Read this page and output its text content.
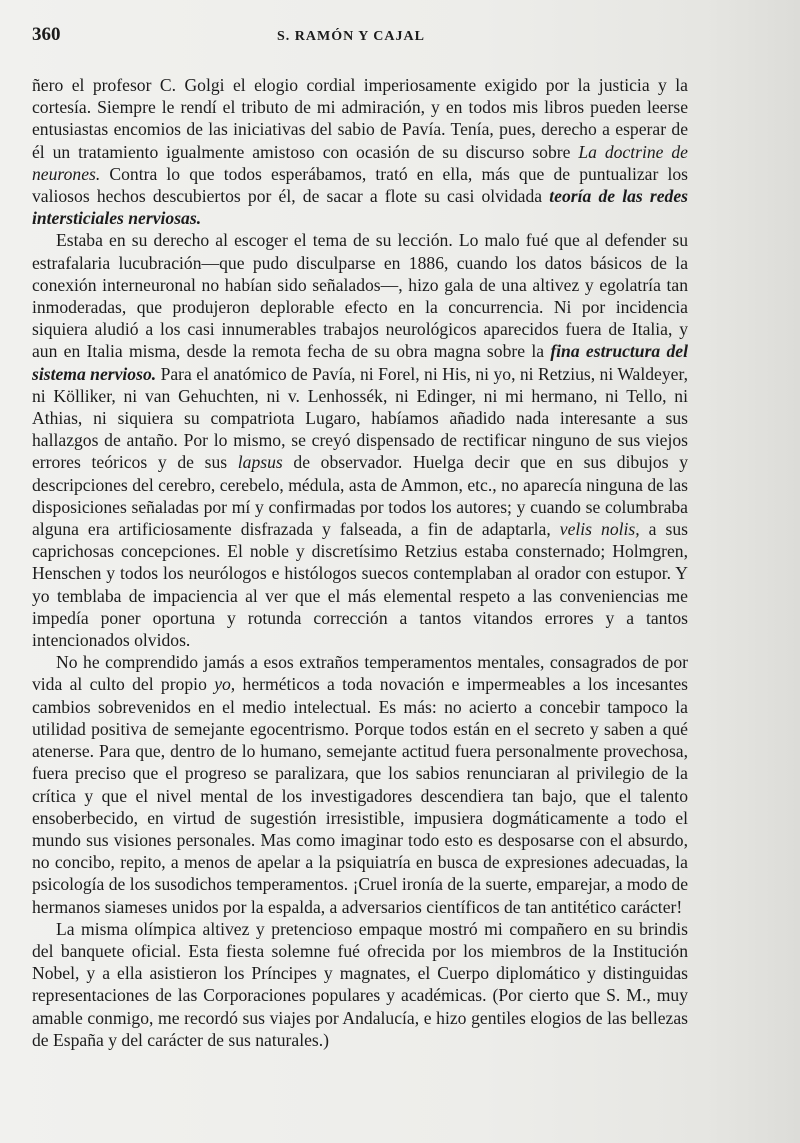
360	S. RAMÓN Y CAJAL

ñero el profesor C. Golgi el elogio cordial imperiosamente exigido por la justicia y la cortesía. Siempre le rendí el tributo de mi admiración, y en todos mis libros pueden leerse entusiastas encomios de las iniciativas del sabio de Pavía. Tenía, pues, derecho a esperar de él un tratamiento igualmente amistoso con ocasión de su discurso sobre La doctrine de neurones. Contra lo que todos esperábamos, trató en ella, más que de puntualizar los valiosos hechos descubiertos por él, de sacar a flote su casi olvidada teoría de las redes intersticiales nerviosas.

Estaba en su derecho al escoger el tema de su lección. Lo malo fué que al defender su estrafalaria lucubración—que pudo disculparse en 1886, cuando los datos básicos de la conexión interneuronal no habían sido señalados—, hizo gala de una altivez y egolatría tan inmoderadas, que produjeron deplorable efecto en la concurrencia. Ni por incidencia siquiera aludió a los casi innumerables trabajos neurológicos aparecidos fuera de Italia, y aun en Italia misma, desde la remota fecha de su obra magna sobre la fina estructura del sistema nervioso. Para el anatómico de Pavía, ni Forel, ni His, ni yo, ni Retzius, ni Waldeyer, ni Kölliker, ni van Gehuchten, ni v. Lenhossék, ni Edinger, ni mi hermano, ni Tello, ni Athias, ni siquiera su compatriota Lugaro, habíamos añadido nada interesante a sus hallazgos de antaño. Por lo mismo, se creyó dispensado de rectificar ninguno de sus viejos errores teóricos y de sus lapsus de observador. Huelga decir que en sus dibujos y descripciones del cerebro, cerebelo, médula, asta de Ammon, etc., no aparecía ninguna de las disposiciones señaladas por mí y confirmadas por todos los autores; y cuando se columbraba alguna era artificiosamente disfrazada y falseada, a fin de adaptarla, velis nolis, a sus caprichosas concepciones. El noble y discretísimo Retzius estaba consternado; Holmgren, Henschen y todos los neurólogos e histólogos suecos contemplaban al orador con estupor. Y yo temblaba de impaciencia al ver que el más elemental respeto a las conveniencias me impedía poner oportuna y rotunda corrección a tantos vitandos errores y a tantos intencionados olvidos.

No he comprendido jamás a esos extraños temperamentos mentales, consagrados de por vida al culto del propio yo, herméticos a toda novación e impermeables a los incesantes cambios sobrevenidos en el medio intelectual. Es más: no acierto a concebir tampoco la utilidad positiva de semejante egocentrismo. Porque todos están en el secreto y saben a qué atenerse. Para que, dentro de lo humano, semejante actitud fuera personalmente provechosa, fuera preciso que el progreso se paralizara, que los sabios renunciaran al privilegio de la crítica y que el nivel mental de los investigadores descendiera tan bajo, que el talento ensoberbecido, en virtud de sugestión irresistible, impusiera dogmáticamente a todo el mundo sus visiones personales. Mas como imaginar todo esto es desposarse con el absurdo, no concibo, repito, a menos de apelar a la psiquiatría en busca de expresiones adecuadas, la psicología de los susodichos temperamentos. ¡Cruel ironía de la suerte, emparejar, a modo de hermanos siameses unidos por la espalda, a adversarios científicos de tan antitético carácter!

La misma olímpica altivez y pretencioso empaque mostró mi compañero en su brindis del banquete oficial. Esta fiesta solemne fué ofrecida por los miembros de la Institución Nobel, y a ella asistieron los Príncipes y magnates, el Cuerpo diplomático y distinguidas representaciones de las Corporaciones populares y académicas. (Por cierto que S. M., muy amable conmigo, me recordó sus viajes por Andalucía, e hizo gentiles elogios de las bellezas de España y del carácter de sus naturales.)
